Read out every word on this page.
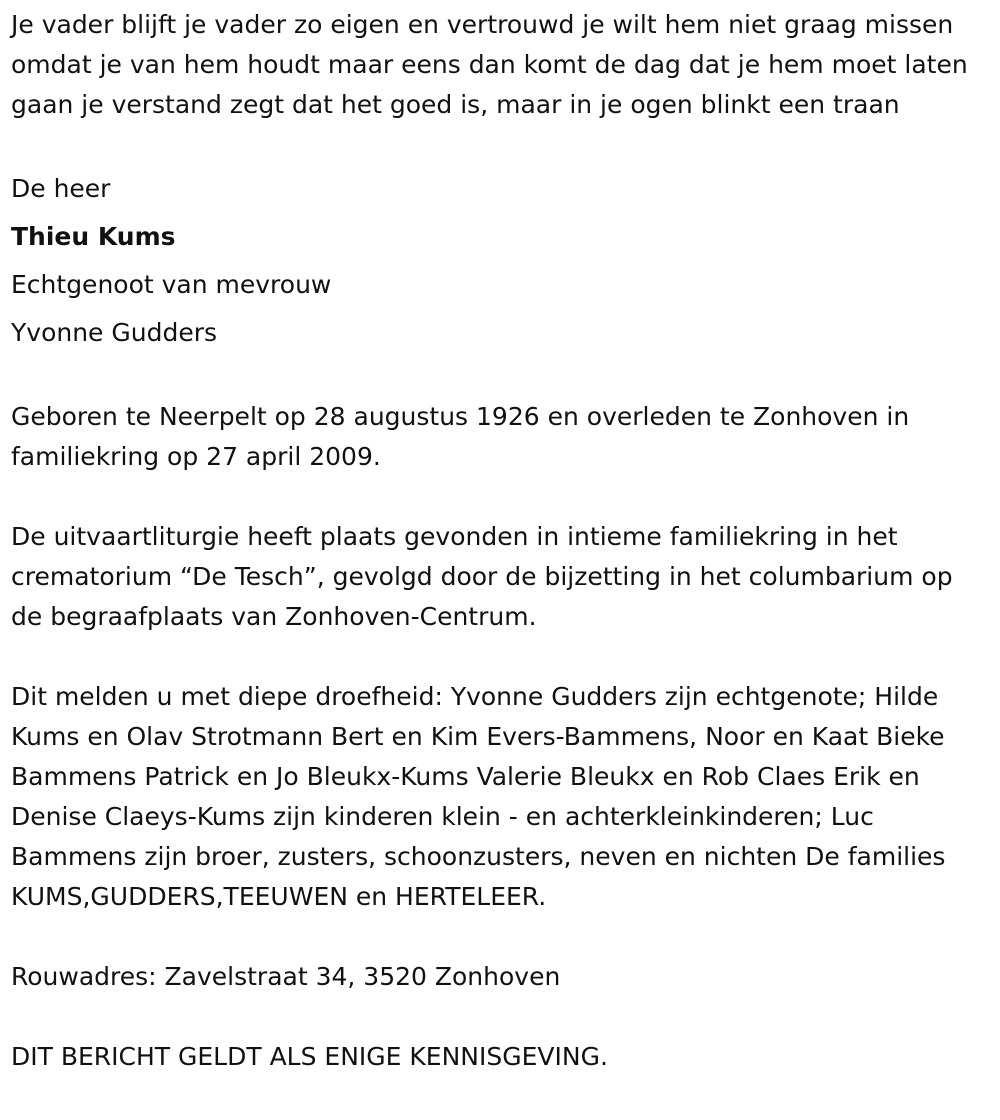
Je vader blijft je vader zo eigen en vertrouwd je wilt hem niet graag missen omdat je van hem houdt maar eens dan komt de dag dat je hem moet laten gaan je verstand zegt dat het goed is, maar in je ogen blinkt een traan

De heer

Thieu Kums

Echtgenoot van mevrouw

Yvonne Gudders

Geboren te Neerpelt op 28 augustus 1926 en overleden te Zonhoven in familiekring op 27 april 2009.

De uitvaartliturgie heeft plaats gevonden in intieme familiekring in het crematorium “De Tesch”, gevolgd door de bijzetting in het columbarium op de begraafplaats van Zonhoven-Centrum.

Dit melden u met diepe droefheid: Yvonne Gudders zijn echtgenote; Hilde Kums en Olav Strotmann Bert en Kim Evers-Bammens, Noor en Kaat Bieke Bammens Patrick en Jo Bleukx-Kums Valerie Bleukx en Rob Claes Erik en Denise Claeys-Kums zijn kinderen klein - en achterkleinkinderen; Luc Bammens zijn broer, zusters, schoonzusters, neven en nichten De families KUMS,GUDDERS,TEEUWEN en HERTELEER.

Rouwadres: Zavelstraat 34, 3520 Zonhoven

DIT BERICHT GELDT ALS ENIGE KENNISGEVING.
